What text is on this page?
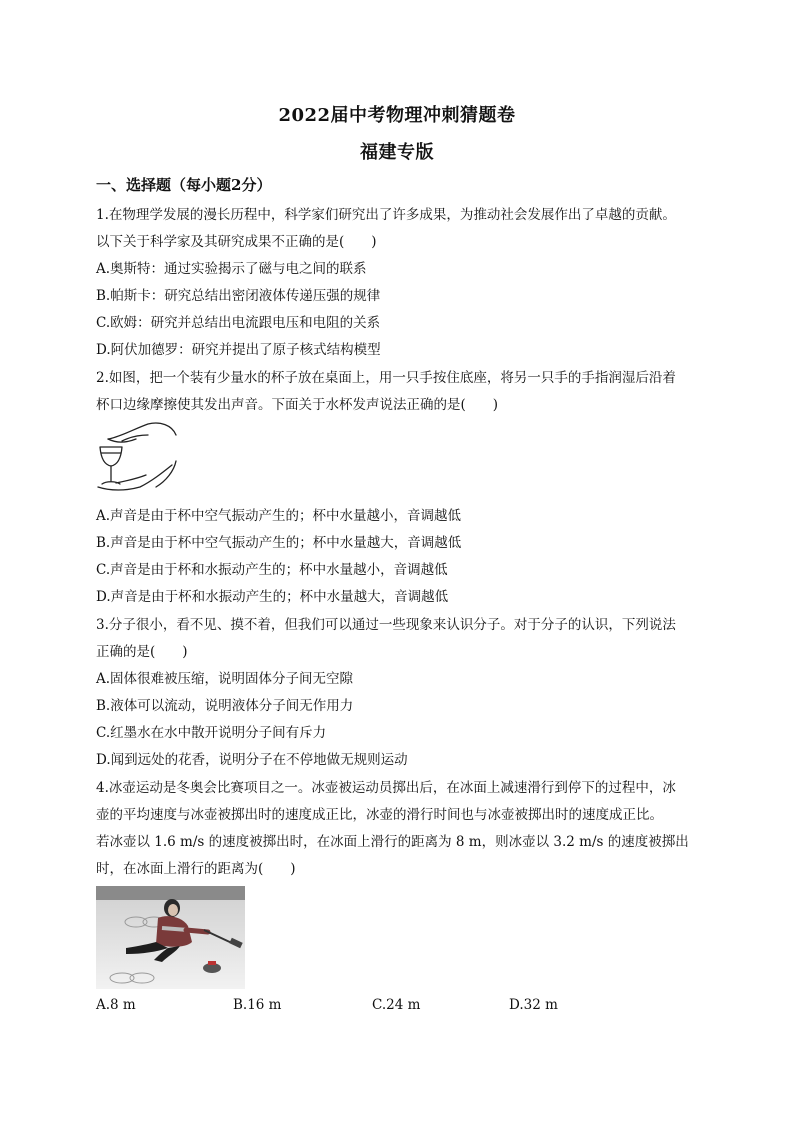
2022届中考物理冲刺猜题卷
福建专版
一、选择题（每小题2分）
1.在物理学发展的漫长历程中，科学家们研究出了许多成果，为推动社会发展作出了卓越的贡献。
以下关于科学家及其研究成果不正确的是(　　)
A.奥斯特：通过实验揭示了磁与电之间的联系
B.帕斯卡：研究总结出密闭液体传递压强的规律
C.欧姆：研究并总结出电流跟电压和电阻的关系
D.阿伏加德罗：研究并提出了原子核式结构模型
2.如图，把一个装有少量水的杯子放在桌面上，用一只手按住底座，将另一只手的手指润湿后沿着
杯口边缘摩擦使其发出声音。下面关于水杯发声说法正确的是(　　)
A.声音是由于杯中空气振动产生的；杯中水量越小，音调越低
B.声音是由于杯中空气振动产生的；杯中水量越大，音调越低
C.声音是由于杯和水振动产生的；杯中水量越小，音调越低
D.声音是由于杯和水振动产生的；杯中水量越大，音调越低
3.分子很小，看不见、摸不着，但我们可以通过一些现象来认识分子。对于分子的认识，下列说法
正确的是(　　)
A.固体很难被压缩，说明固体分子间无空隙
B.液体可以流动，说明液体分子间无作用力
C.红墨水在水中散开说明分子间有斥力
D.闻到远处的花香，说明分子在不停地做无规则运动
4.冰壶运动是冬奥会比赛项目之一。冰壶被运动员掷出后，在冰面上减速滑行到停下的过程中，冰
壶的平均速度与冰壶被掷出时的速度成正比，冰壶的滑行时间也与冰壶被掷出时的速度成正比。
若冰壶以 1.6 m/s 的速度被掷出时，在冰面上滑行的距离为 8 m，则冰壶以 3.2 m/s 的速度被掷出
时，在冰面上滑行的距离为(　　)
A.8 m	B.16 m	C.24 m	D.32 m
